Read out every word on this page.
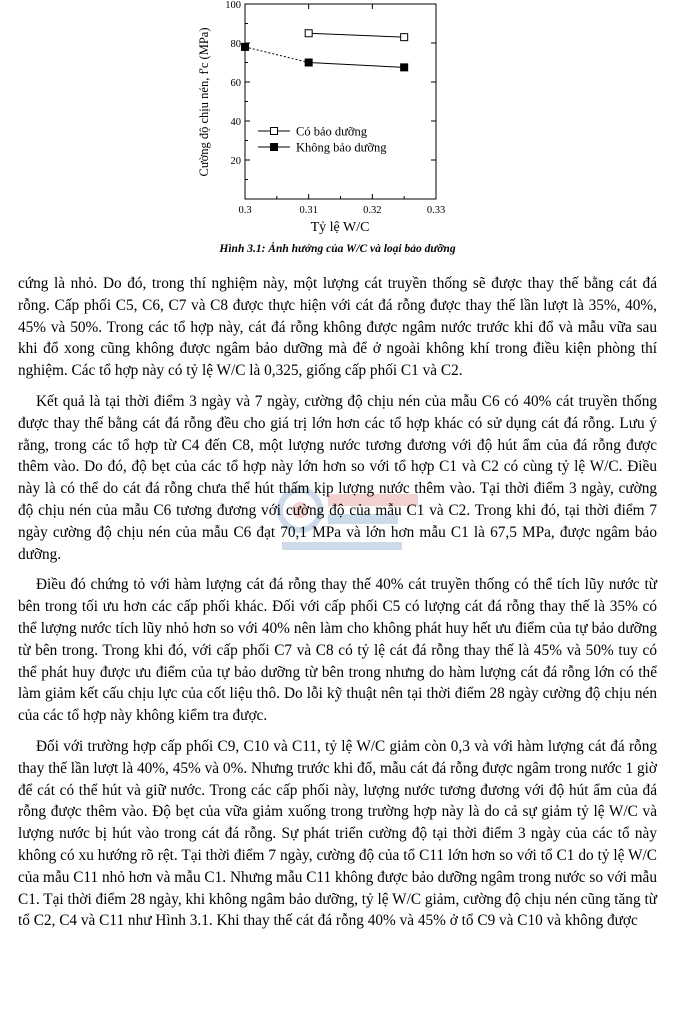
0.3	0.31	0.32	0.33
20
40
60
80
100
Có bảo dưỡng
Không bảo dưỡng
Cường độ chịu nén, f'c (MPa)
Tỷ lệ W/C

Hình 3.1: Ảnh hưởng của W/C và loại bảo dưỡng

cứng là nhỏ. Do đó, trong thí nghiệm này, một lượng cát truyền thống sẽ được thay thế bằng cát đá rỗng. Cấp phối C5, C6, C7 và C8 được thực hiện với cát đá rỗng được thay thế lần lượt là 35%, 40%, 45% và 50%. Trong các tổ hợp này, cát đá rỗng không được ngâm nước trước khi đổ và mẫu vữa sau khi đổ xong cũng không được ngâm bảo dưỡng mà để ở ngoài không khí trong điều kiện phòng thí nghiệm. Các tổ hợp này có tỷ lệ W/C là 0,325, giống cấp phối C1 và C2.

Kết quả là tại thời điểm 3 ngày và 7 ngày, cường độ chịu nén của mẫu C6 có 40% cát truyền thống được thay thế bằng cát đá rỗng đều cho giá trị lớn hơn các tổ hợp khác có sử dụng cát đá rỗng. Lưu ý rằng, trong các tổ hợp từ C4 đến C8, một lượng nước tương đương với độ hút ẩm của đá rỗng được thêm vào. Do đó, độ bẹt của các tổ hợp này lớn hơn so với tổ hợp C1 và C2 có cùng tỷ lệ W/C. Điều này là có thể do cát đá rỗng chưa thể hút thấm kịp lượng nước thêm vào. Tại thời điểm 3 ngày, cường độ chịu nén của mẫu C6 tương đương với cường độ của mẫu C1 và C2. Trong khi đó, tại thời điểm 7 ngày cường độ chịu nén của mẫu C6 đạt 70,1 MPa và lớn hơn mẫu C1 là 67,5 MPa, được ngâm bảo dưỡng.

Điều đó chứng tỏ với hàm lượng cát đá rỗng thay thế 40% cát truyền thống có thể tích lũy nước từ bên trong tối ưu hơn các cấp phối khác. Đối với cấp phối C5 có lượng cát đá rỗng thay thế là 35% có thể lượng nước tích lũy nhỏ hơn so với 40% nên làm cho không phát huy hết ưu điểm của tự bảo dưỡng từ bên trong. Trong khi đó, với cấp phối C7 và C8 có tỷ lệ cát đá rỗng thay thế là 45% và 50% tuy có thể phát huy được ưu điểm của tự bảo dưỡng từ bên trong nhưng do hàm lượng cát đá rỗng lớn có thể làm giảm kết cấu chịu lực của cốt liệu thô. Do lỗi kỹ thuật nên tại thời điểm 28 ngày cường độ chịu nén của các tổ hợp này không kiểm tra được.

Đối với trường hợp cấp phối C9, C10 và C11, tỷ lệ W/C giảm còn 0,3 và với hàm lượng cát đá rỗng thay thế lần lượt là 40%, 45% và 0%. Nhưng trước khi đổ, mẫu cát đá rỗng được ngâm trong nước 1 giờ để cát có thể hút và giữ nước. Trong các cấp phối này, lượng nước tương đương với độ hút ẩm của đá rỗng được thêm vào. Độ bẹt của vữa giảm xuống trong trường hợp này là do cả sự giảm tỷ lệ W/C và lượng nước bị hút vào trong cát đá rỗng. Sự phát triển cường độ tại thời điểm 3 ngày của các tổ này không có xu hướng rõ rệt. Tại thời điểm 7 ngày, cường độ của tổ C11 lớn hơn so với tổ C1 do tỷ lệ W/C của mẫu C11 nhỏ hơn và mẫu C1. Nhưng mẫu C11 không được bảo dưỡng ngâm trong nước so với mẫu C1. Tại thời điểm 28 ngày, khi không ngâm bảo dưỡng, tỷ lệ W/C giảm, cường độ chịu nén cũng tăng từ tổ C2, C4 và C11 như Hình 3.1. Khi thay thế cát đá rỗng 40% và 45% ở tổ C9 và C10 và không được
